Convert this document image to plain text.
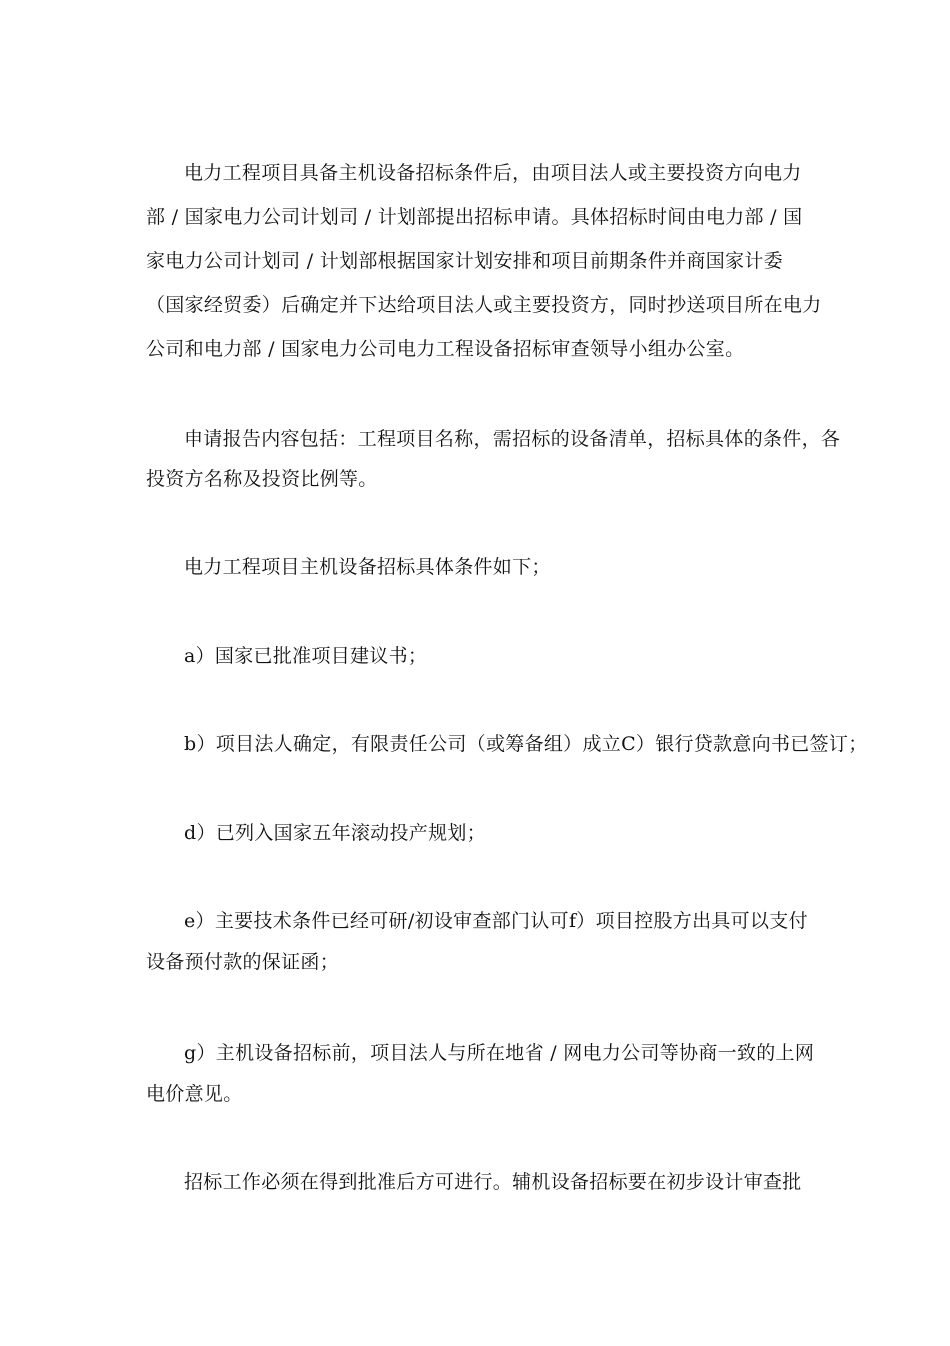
电力工程项目具备主机设备招标条件后，由项目法人或主要投资方向电力
部 / 国家电力公司计划司 / 计划部提出招标申请。具体招标时间由电力部 / 国
家电力公司计划司 / 计划部根据国家计划安排和项目前期条件并商国家计委
（国家经贸委）后确定并下达给项目法人或主要投资方，同时抄送项目所在电力
公司和电力部 / 国家电力公司电力工程设备招标审查领导小组办公室。
申请报告内容包括：工程项目名称，需招标的设备清单，招标具体的条件，各
投资方名称及投资比例等。
电力工程项目主机设备招标具体条件如下；
a）国家已批准项目建议书；
b）项目法人确定，有限责任公司（或筹备组）成立C）银行贷款意向书已签订；
d）已列入国家五年滚动投产规划；
e）主要技术条件已经可研/初设审查部门认可f）项目控股方出具可以支付
设备预付款的保证函；
g）主机设备招标前，项目法人与所在地省 / 网电力公司等协商一致的上网
电价意见。
招标工作必须在得到批准后方可进行。辅机设备招标要在初步设计审查批
